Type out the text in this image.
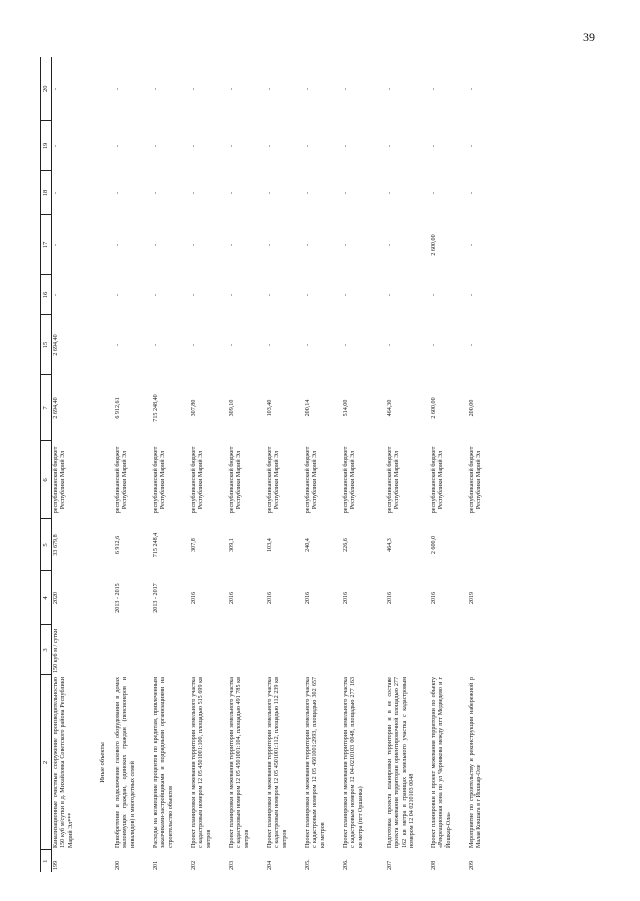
39
1	2	3	4	5	6	7	15	16	17	18	19	20
199	Канализационные очистные сооружение производительностью 150 куб м/сутки в д. Михайловка Советского района Республики Марий Эл***	150 куб м / сутки	2020	33 679,8	республиканский бюджет Республики Марий Эл	2 694,40	2 694,40	-	-	-	-	-
	Иные объекты											
200	Приобретение и подключение газового оборудования в домах малоимущих граждан, одиноких граждан (пенсионеров и инвалидов) и многодетных семей		2013 - 2015	6 912,6	республиканский бюджет Республики Марий Эл	6 912,61	-	-	-	-	-	-
201	Расходы на возмещение процентов по кредитам, привлеченным заказчиками-застройщиками и подрядными организациями на строительство объектов		2013 - 2017	715 248,4	республиканский бюджет Республики Марий Эл	715 248,40	-	-	-	-	-	-
202	Проект планировки и межевания территории земельного участка с кадастровым номером 12 05 4501001:100, площадью 515 699 кв метров		2016	307,8	республиканский бюджет Республики Марий Эл	307,80	-	-	-	-	-	-
203	Проект планировки и межевания территории земельного участка с кадастровым номером 12 05 4501001:104, площадью 491 785 кв метров		2016	309,1	республиканский бюджет Республики Марий Эл	309,10	-	-	-	-	-	-
204	Проект планировки и межевания территории земельного участка с кадастровым номером 12 05 4501001:112, площадью 112 239 кв метров		2016	103,4	республиканский бюджет Республики Марий Эл	103,40	-	-	-	-	-	-
205.	Проект планировки и межевания территории земельного участка с кадастровым номером 12 05 4501001:2993, площадью 302 657 кв метров		2016	240,4	республиканский бюджет Республики Марий Эл	200,14	-	-	-	-	-	-
206.	Проект планировки и межевания территории земельного участка с кадастровым номером 12 04-0210103 0048, площадью 277 163 кв метра (пгт Оршанка)		2016	226,6	республиканский бюджет Республики Марий Эл	514,00	-	-	-	-	-	-
207	Подготовка проекта планировки территории и в ее составе проекта межевания территории ориентировочной площадью 277 162 кв метра в границах земельного участка с кадастровым номером 12 04 0210103 0048		2016	464,3	республиканский бюджет Республики Марий Эл	464,30	-	-	-	-	-	-
208	Проект планировки и проект межевания территории по объекту «Рекреационная зона по ул Чернякова между пгт Медведево и г Йошкар-Ола»		2016	2 600,0	республиканский бюджет Республики Марий Эл	2 600,00	-	-	2 600,00	-	-	-
209	Мероприятие по строительству и реконструкции набережной р Малая Кокшага в г Йошкар-Оле		2019		республиканский бюджет Республики Марий Эл	200,00	-	-	-	-	-	-
